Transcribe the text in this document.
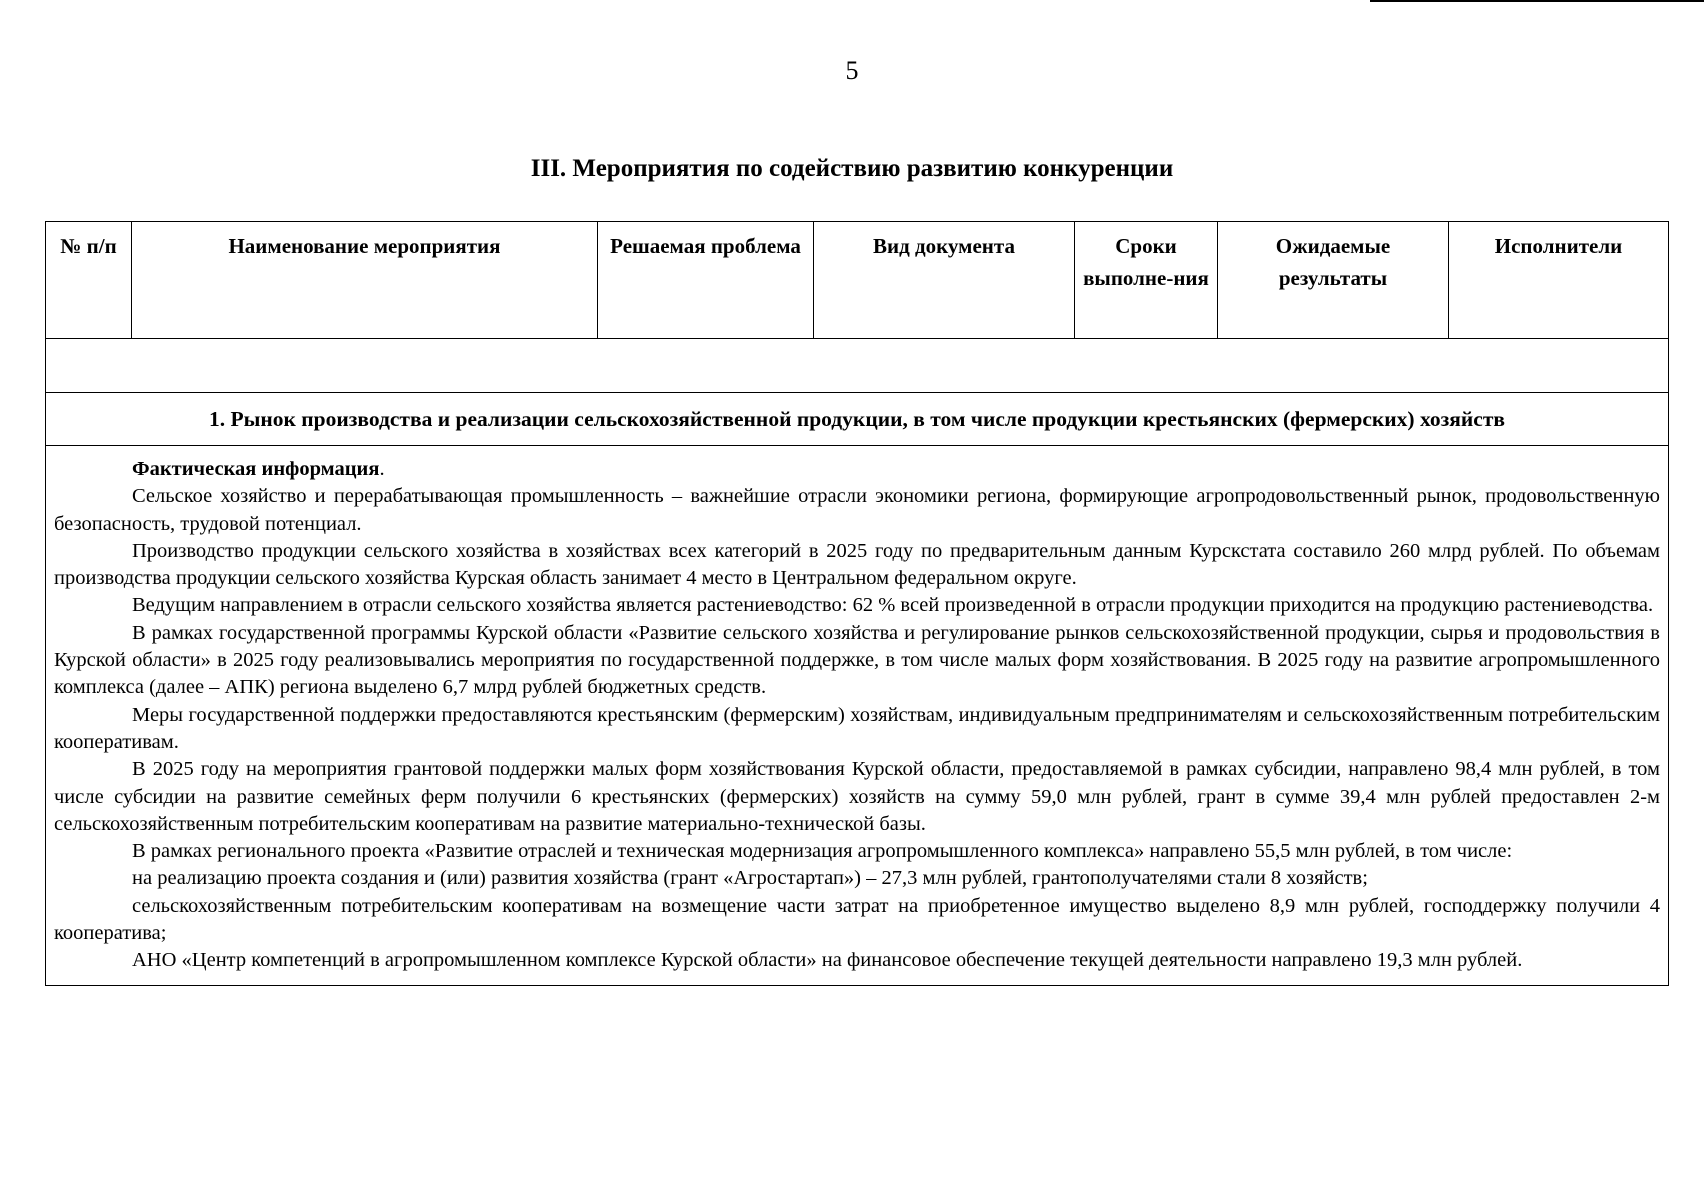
5
III. Мероприятия по содействию развитию конкуренции
№ п/п	Наименование мероприятия	Решаемая проблема	Вид документа	Сроки выполне-ния	Ожидаемые результаты	Исполнители

1. Рынок производства и реализации сельскохозяйственной продукции, в том числе продукции крестьянских (фермерских) хозяйств

Фактическая информация.

Сельское хозяйство и перерабатывающая промышленность – важнейшие отрасли экономики региона, формирующие агропродовольственный рынок, продовольственную безопасность, трудовой потенциал.

Производство продукции сельского хозяйства в хозяйствах всех категорий в 2025 году по предварительным данным Курскстата составило 260 млрд рублей. По объемам производства продукции сельского хозяйства Курская область занимает 4 место в Центральном федеральном округе.

Ведущим направлением в отрасли сельского хозяйства является растениеводство: 62 % всей произведенной в отрасли продукции приходится на продукцию растениеводства.

В рамках государственной программы Курской области «Развитие сельского хозяйства и регулирование рынков сельскохозяйственной продукции, сырья и продовольствия в Курской области» в 2025 году реализовывались мероприятия по государственной поддержке, в том числе малых форм хозяйствования. В 2025 году на развитие агропромышленного комплекса (далее – АПК) региона выделено 6,7 млрд рублей бюджетных средств.

Меры государственной поддержки предоставляются крестьянским (фермерским) хозяйствам, индивидуальным предпринимателям и сельскохозяйственным потребительским кооперативам.

В 2025 году на мероприятия грантовой поддержки малых форм хозяйствования Курской области, предоставляемой в рамках субсидии, направлено 98,4 млн рублей, в том числе субсидии на развитие семейных ферм получили 6 крестьянских (фермерских) хозяйств на сумму 59,0 млн рублей, грант в сумме 39,4 млн рублей предоставлен 2-м сельскохозяйственным потребительским кооперативам на развитие материально-технической базы.

В рамках регионального проекта «Развитие отраслей и техническая модернизация агропромышленного комплекса» направлено 55,5 млн рублей, в том числе:

на реализацию проекта создания и (или) развития хозяйства (грант «Агростартап») – 27,3 млн рублей, грантополучателями стали 8 хозяйств;

сельскохозяйственным потребительским кооперативам на возмещение части затрат на приобретенное имущество выделено 8,9 млн рублей, господдержку получили 4 кооператива;

АНО «Центр компетенций в агропромышленном комплексе Курской области» на финансовое обеспечение текущей деятельности направлено 19,3 млн рублей.
